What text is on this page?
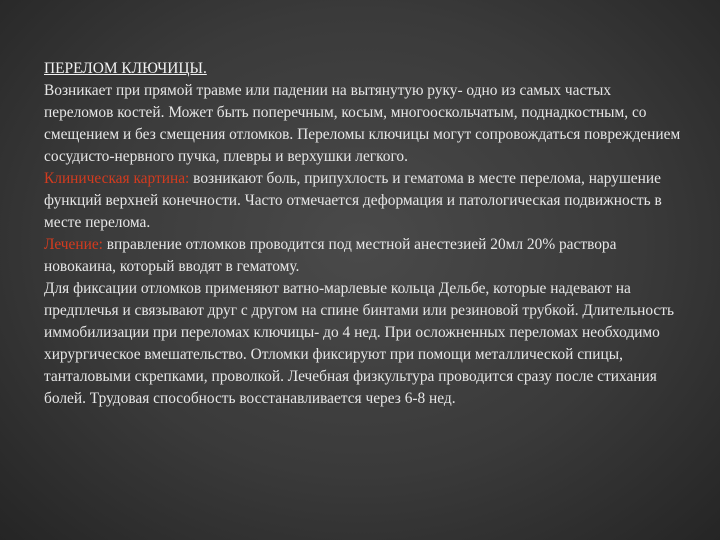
ПЕРЕЛОМ КЛЮЧИЦЫ.

Возникает при прямой травме или падении на вытянутую руку- одно из самых частых переломов костей. Может быть поперечным, косым, многооскольчатым, поднадкостным, со смещением и без смещения отломков. Переломы ключицы могут сопровождаться повреждением сосудисто-нервного пучка, плевры и верхушки легкого.

Клиническая картина: возникают боль, припухлость и гематома в месте перелома, нарушение функций верхней конечности. Часто отмечается деформация и патологическая подвижность в месте перелома.

Лечение: вправление отломков проводится под местной анестезией 20мл 20% раствора новокаина, который вводят в гематому.

Для фиксации отломков применяют ватно-марлевые кольца Дельбе, которые надевают на предплечья и связывают друг с другом на спине бинтами или резиновой трубкой. Длительность иммобилизации при переломах ключицы- до 4 нед. При осложненных переломах необходимо хирургическое вмешательство. Отломки фиксируют при помощи металлической спицы, танталовыми скрепками, проволкой. Лечебная физкультура проводится сразу после стихания болей. Трудовая способность восстанавливается через 6-8 нед.
